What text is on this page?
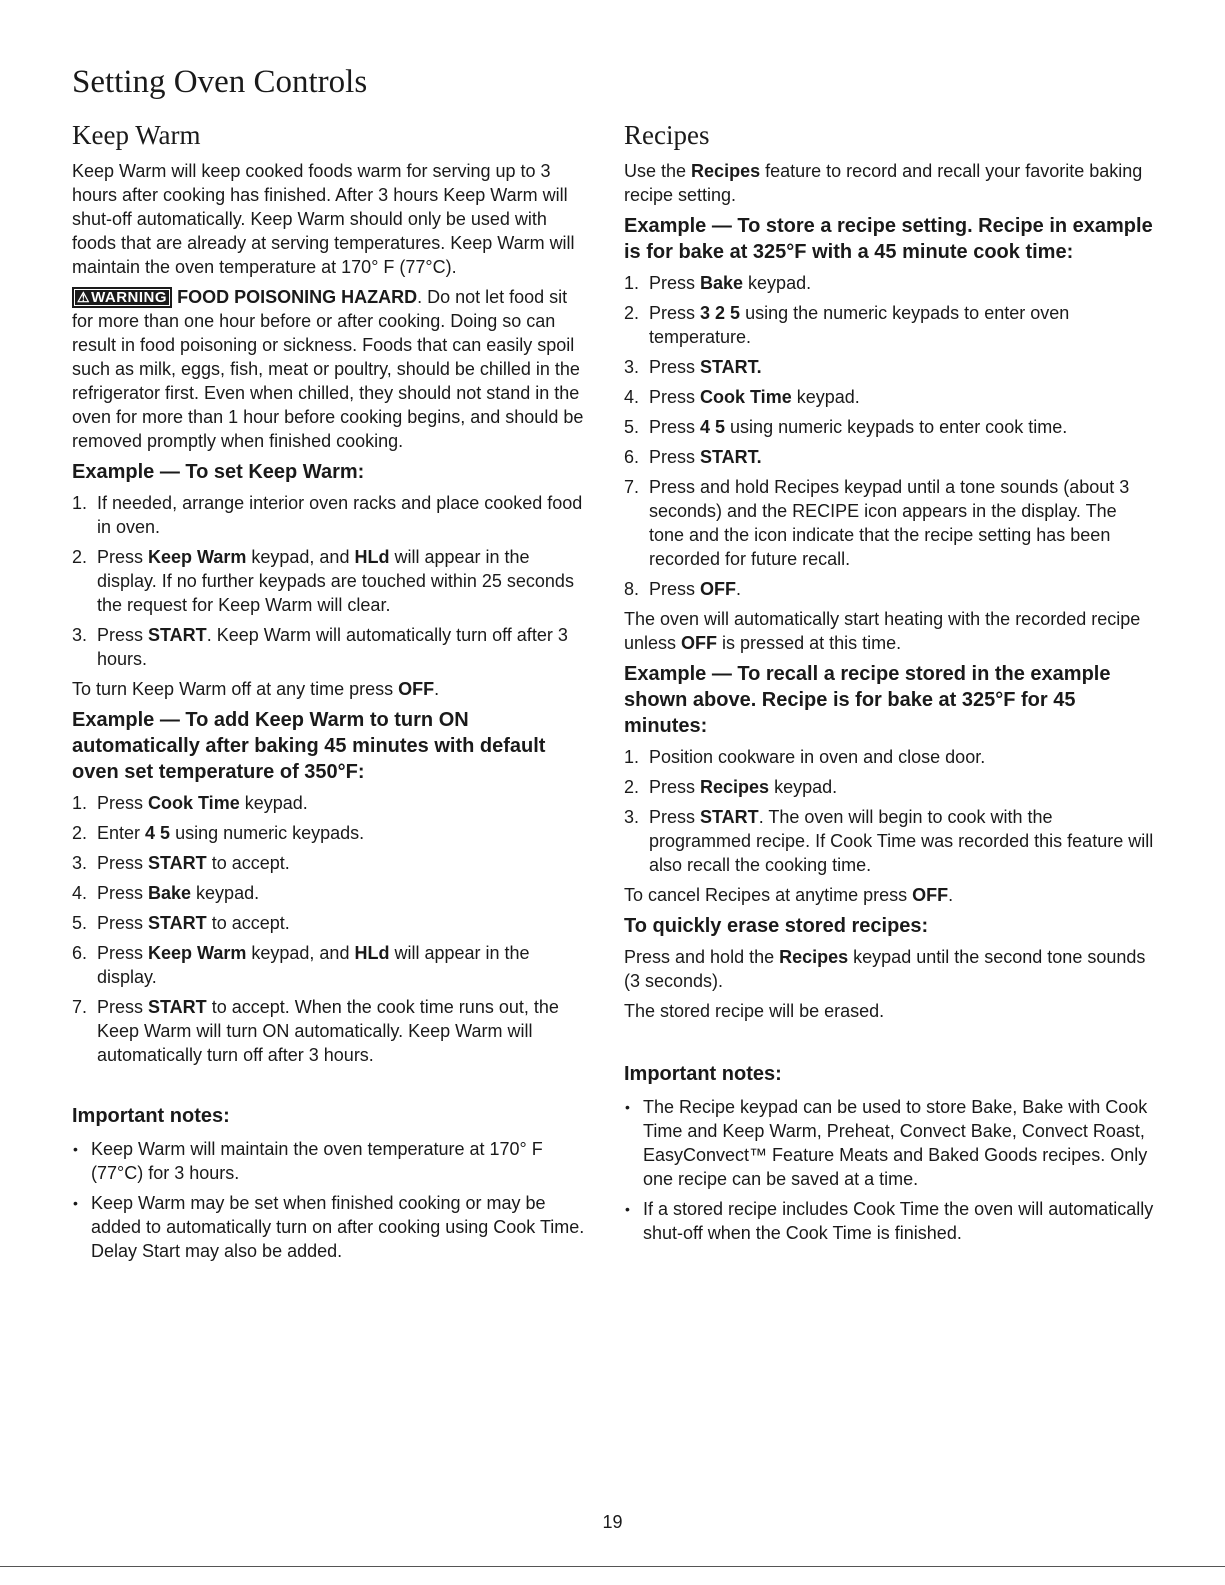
Setting Oven Controls
Keep Warm

Keep Warm will keep cooked foods warm for serving up to 3 hours after cooking has finished. After 3 hours Keep Warm will shut-off automatically. Keep Warm should only be used with foods that are already at serving temperatures. Keep Warm will maintain the oven temperature at 170° F (77°C).

⚠WARNING FOOD POISONING HAZARD. Do not let food sit for more than one hour before or after cooking. Doing so can result in food poisoning or sickness. Foods that can easily spoil such as milk, eggs, fish, meat or poultry, should be chilled in the refrigerator first. Even when chilled, they should not stand in the oven for more than 1 hour before cooking begins, and should be removed promptly when finished cooking.

Example — To set Keep Warm:
1. If needed, arrange interior oven racks and place cooked food in oven.
2. Press Keep Warm keypad, and HLd will appear in the display. If no further keypads are touched within 25 seconds the request for Keep Warm will clear.
3. Press START. Keep Warm will automatically turn off after 3 hours.

To turn Keep Warm off at any time press OFF.

Example — To add Keep Warm to turn ON automatically after baking 45 minutes with default oven set temperature of 350°F:
1. Press Cook Time keypad.
2. Enter 4 5 using numeric keypads.
3. Press START to accept.
4. Press Bake keypad.
5. Press START to accept.
6. Press Keep Warm keypad, and HLd will appear in the display.
7. Press START to accept. When the cook time runs out, the Keep Warm will turn ON automatically. Keep Warm will automatically turn off after 3 hours.
Important notes:
• Keep Warm will maintain the oven temperature at 170° F (77°C) for 3 hours.
• Keep Warm may be set when finished cooking or may be added to automatically turn on after cooking using Cook Time. Delay Start may also be added.
Recipes

Use the Recipes feature to record and recall your favorite baking recipe setting.

Example — To store a recipe setting. Recipe in example is for bake at 325°F with a 45 minute cook time:
1. Press Bake keypad.
2. Press 3 2 5 using the numeric keypads to enter oven temperature.
3. Press START.
4. Press Cook Time keypad.
5. Press 4 5 using numeric keypads to enter cook time.
6. Press START.
7. Press and hold Recipes keypad until a tone sounds (about 3 seconds) and the RECIPE icon appears in the display. The tone and the icon indicate that the recipe setting has been recorded for future recall.
8. Press OFF.

The oven will automatically start heating with the recorded recipe unless OFF is pressed at this time.

Example — To recall a recipe stored in the example shown above. Recipe is for bake at 325°F for 45 minutes:
1. Position cookware in oven and close door.
2. Press Recipes keypad.
3. Press START. The oven will begin to cook with the programmed recipe. If Cook Time was recorded this feature will also recall the cooking time.

To cancel Recipes at anytime press OFF.

To quickly erase stored recipes:

Press and hold the Recipes keypad until the second tone sounds (3 seconds).

The stored recipe will be erased.

Important notes:
• The Recipe keypad can be used to store Bake, Bake with Cook Time and Keep Warm, Preheat, Convect Bake, Convect Roast, EasyConvect™ Feature Meats and Baked Goods recipes. Only one recipe can be saved at a time.
• If a stored recipe includes Cook Time the oven will automatically shut-off when the Cook Time is finished.
19
